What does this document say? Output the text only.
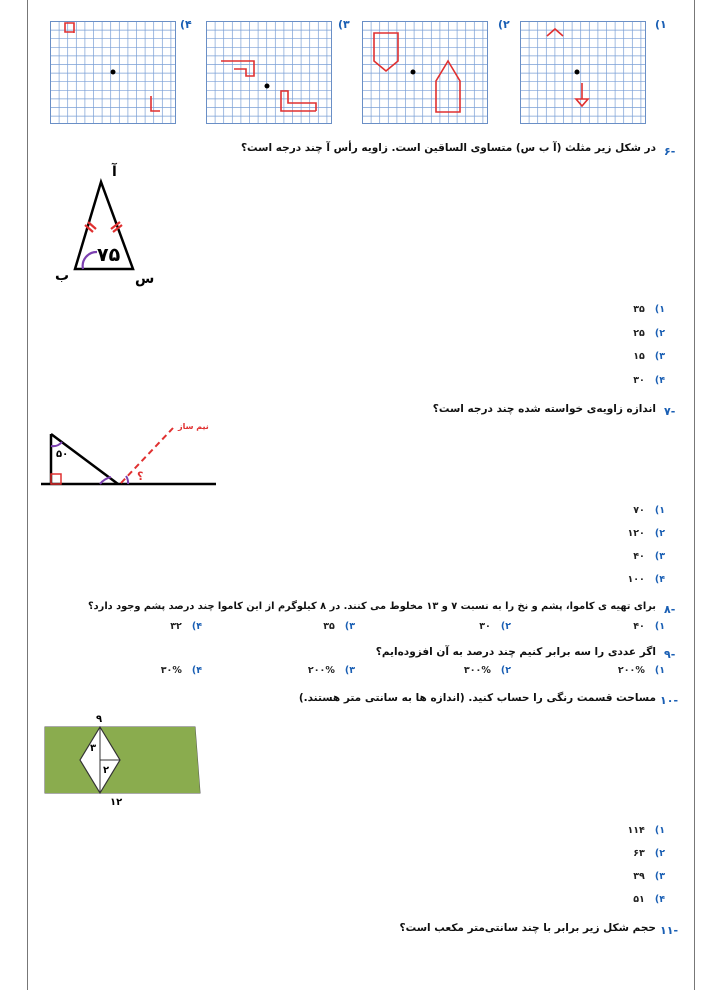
۴)	۳)	۲)	۱)
-۶
در شکل زیر مثلث (آ ب س) متساوی الساقین است. زاویه رأس آ چند درجه است؟
۷۵
آ
ب	س
۱)۳۵
۲)۲۵
۳)۱۵
۴)۳۰
-۷
اندازه زاویه‌ی خواسته شده چند درجه است؟
۵۰
؟
نیم ساز
۱)۷۰
۲)۱۲۰
۳)۴۰
۴)۱۰۰
-۸
برای تهیه ی کاموا، پشم و نخ را به نسبت ۷ و ۱۳ مخلوط می کنند. در ۸ کیلوگرم از این کاموا چند درصد پشم وجود دارد؟
۱)۴۰
۲)۳۰
۳)۳۵
۴)۳۲
-۹
اگر عددی را سه برابر کنیم چند درصد به آن افزوده‌ایم؟
۱)۲۰۰%
۲)۳۰۰%
۳)۲۰۰%
۴)۳۰%
-۱۰
مساحت قسمت رنگی را حساب کنید. (اندازه ها به سانتی متر هستند.)
۹
۳
۲
۱۲
۱)۱۱۴
۲)۶۳
۳)۳۹
۴)۵۱
-۱۱
حجم شکل زیر برابر با چند سانتی‌متر مکعب است؟
